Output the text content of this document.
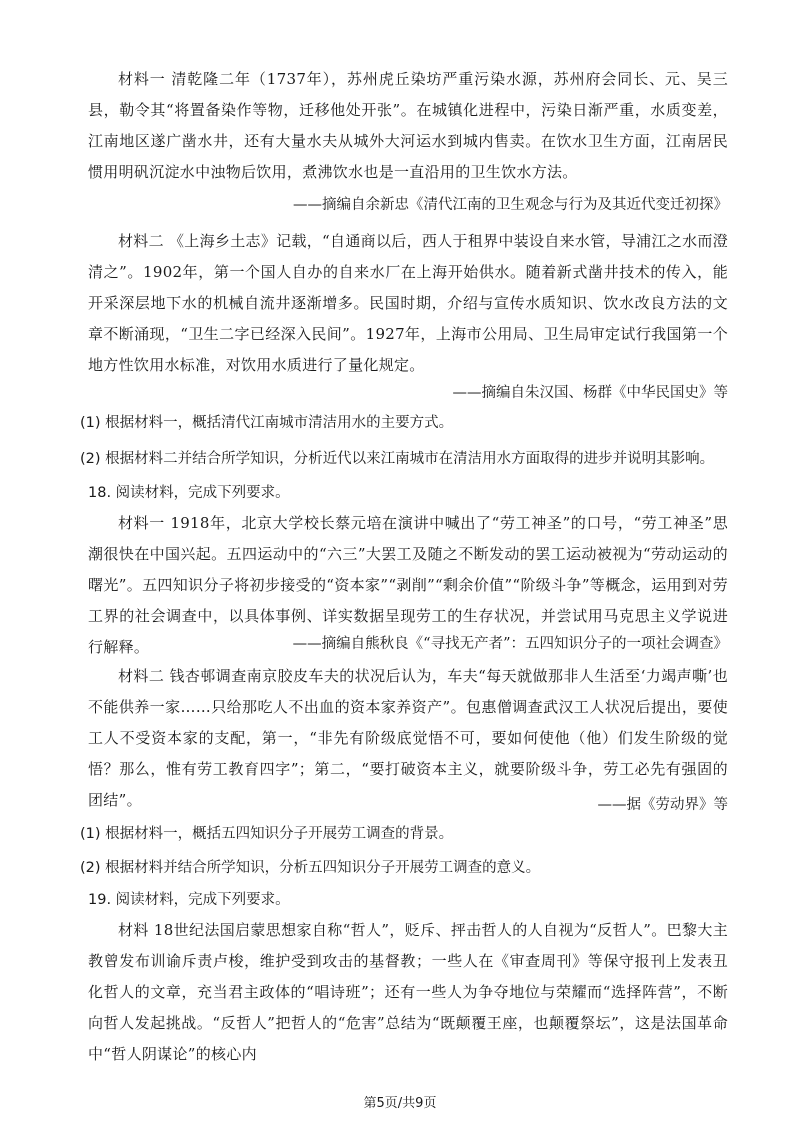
材料一 清乾隆二年（1737年），苏州虎丘染坊严重污染水源，苏州府会同长、元、吴三县，勒令其“将置备染作等物，迁移他处开张”。在城镇化进程中，污染日渐严重，水质变差，江南地区遂广凿水井，还有大量水夫从城外大河运水到城内售卖。在饮水卫生方面，江南居民惯用明矾沉淀水中浊物后饮用，煮沸饮水也是一直沿用的卫生饮水方法。
——摘编自余新忠《清代江南的卫生观念与行为及其近代变迁初探》
材料二 《上海乡土志》记载，“自通商以后，西人于租界中装设自来水管，导浦江之水而澄清之”。1902年，第一个国人自办的自来水厂在上海开始供水。随着新式凿井技术的传入，能开采深层地下水的机械自流井逐渐增多。民国时期，介绍与宣传水质知识、饮水改良方法的文章不断涌现，“卫生二字已经深入民间”。1927年，上海市公用局、卫生局审定试行我国第一个地方性饮用水标准，对饮用水质进行了量化规定。
——摘编自朱汉国、杨群《中华民国史》等
(1) 根据材料一，概括清代江南城市清洁用水的主要方式。
(2) 根据材料二并结合所学知识，分析近代以来江南城市在清洁用水方面取得的进步并说明其影响。
18. 阅读材料，完成下列要求。
材料一 1918年，北京大学校长蔡元培在演讲中喊出了“劳工神圣”的口号，“劳工神圣”思潮很快在中国兴起。五四运动中的“六三”大罢工及随之不断发动的罢工运动被视为“劳动运动的曙光”。五四知识分子将初步接受的“资本家”“剥削”“剩余价值”“阶级斗争”等概念，运用到对劳工界的社会调查中，以具体事例、详实数据呈现劳工的生存状况，并尝试用马克思主义学说进行解释。	——摘编自熊秋良《“寻找无产者”：五四知识分子的一项社会调查》
材料二 钱杏邨调查南京胶皮车夫的状况后认为，车夫“每天就做那非人生活至‘力竭声嘶’也不能供养一家……只给那吃人不出血的资本家养资产”。包惠僧调查武汉工人状况后提出，要使工人不受资本家的支配，第一，“非先有阶级底觉悟不可，要如何使他（他）们发生阶级的觉悟？那么，惟有劳工教育四字”；第二，“要打破资本主义，就要阶级斗争，劳工必先有强固的团结”。	——据《劳动界》等
(1) 根据材料一，概括五四知识分子开展劳工调查的背景。
(2) 根据材料并结合所学知识，分析五四知识分子开展劳工调查的意义。
19. 阅读材料，完成下列要求。
材料 18世纪法国启蒙思想家自称“哲人”，贬斥、抨击哲人的人自视为“反哲人”。巴黎大主教曾发布训谕斥责卢梭，维护受到攻击的基督教；一些人在《审查周刊》等保守报刊上发表丑化哲人的文章，充当君主政体的“唱诗班”；还有一些人为争夺地位与荣耀而“选择阵营”，不断向哲人发起挑战。“反哲人”把哲人的“危害”总结为“既颠覆王座，也颠覆祭坛”，这是法国革命中“哲人阴谋论”的核心内
第5页/共9页
